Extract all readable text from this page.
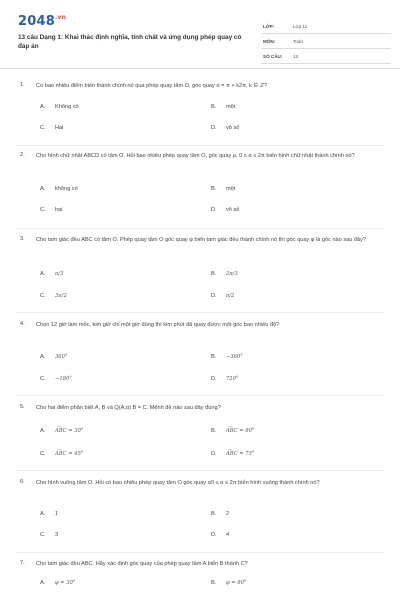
$2048^{.vn}$
13 câu Dạng 1: Khai thác định nghĩa, tính chất và ứng dụng phép quay có đáp án
LỚP:	Lớp 11
MÔN:	Toán
SỐ CÂU: 13
1. Có bao nhiêu điểm biến thành chính nó qua phép quay tâm O, góc quay α = π + k2π, k ∈ ℤ?
A. Không có	B. một
C. Hai	D. vô số
2. Cho hình chữ nhật ABCD có tâm O. Hỏi bao nhiêu phép quay tâm O, góc quay ρ, 0 ≤ α ≤ 2π biến hình chữ nhật thành chính nó?
A. không có	B. một
C. hai	D. vô số
3. Cho tam giác đều ABC có tâm O. Phép quay tâm O góc quay φ biến tam giác đều thành chính nó thì góc quay φ là góc nào sau đây?
A. π/3	B. 2π/3
C. 3π/2	D. π/2
4. Chọn 12 giờ làm mốc, kim giờ chỉ một giờ đúng thì kim phút đã quay được một góc bao nhiêu độ?
A. 360°	B. −360°
C. −180°	D. 720°
5. Cho hai điểm phân biệt A, B và Q(A,α) B = C. Mệnh đề nào sau đây đúng?
A. A͡BC = 30°	B. A͡BC = 90°
C. A͡BC = 45°	D. A͡BC = 75°
6. Cho hình vuông tâm O. Hỏi có bao nhiêu phép quay tâm O góc quay α0 ≤ α ≤ 2π biến hình vuông thành chính nó?
A. 1	B. 2
C. 3	D. 4
7. Cho tam giác đều ABC. Hãy xác định góc quay của phép quay tâm A biến B thành C?
A. φ = 30°	B. φ = 90°
